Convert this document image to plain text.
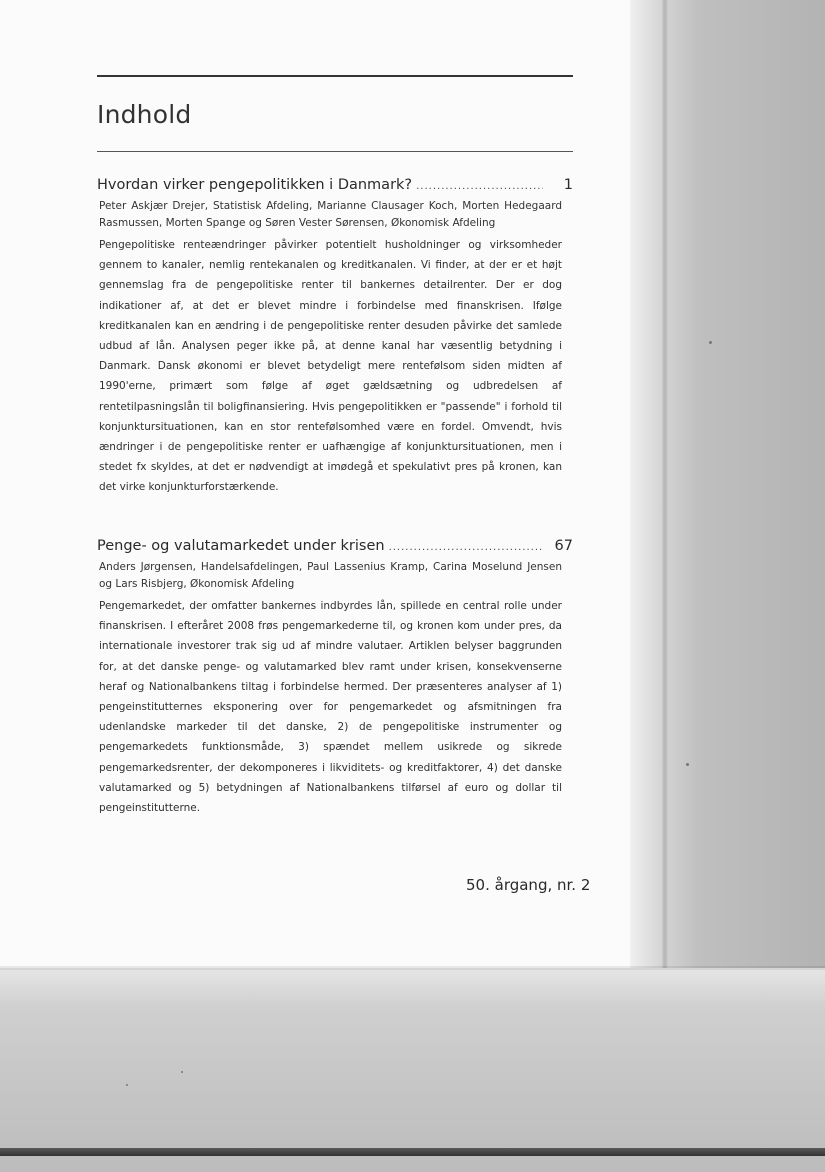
Indhold
Hvordan virker pengepolitikken i Danmark? .....	1
Peter Askjær Drejer, Statistisk Afdeling, Marianne Clausager Koch, Morten Hedegaard Rasmussen, Morten Spange og Søren Vester Sørensen, Økonomisk Afdeling
Pengepolitiske renteændringer påvirker potentielt husholdninger og virksomheder gennem to kanaler, nemlig rentekanalen og kreditkanalen. Vi finder, at der er et højt gennemslag fra de pengepolitiske renter til bankernes detailrenter. Der er dog indikationer af, at det er blevet mindre i forbindelse med finanskrisen. Ifølge kreditkanalen kan en ændring i de pengepolitiske renter desuden påvirke det samlede udbud af lån. Analysen peger ikke på, at denne kanal har væsentlig betydning i Danmark. Dansk økonomi er blevet betydeligt mere rentefølsom siden midten af 1990'erne, primært som følge af øget gældsætning og udbredelsen af rentetilpasningslån til boligfinansiering. Hvis pengepolitikken er "passende" i forhold til konjunktursituationen, kan en stor rentefølsomhed være en fordel. Omvendt, hvis ændringer i de pengepolitiske renter er uafhængige af konjunktursituationen, men i stedet fx skyldes, at det er nødvendigt at imødegå et spekulativt pres på kronen, kan det virke konjunkturforstærkende.
Penge- og valutamarkedet under krisen .....	67
Anders Jørgensen, Handelsafdelingen, Paul Lassenius Kramp, Carina Moselund Jensen og Lars Risbjerg, Økonomisk Afdeling
Pengemarkedet, der omfatter bankernes indbyrdes lån, spillede en central rolle under finanskrisen. I efteråret 2008 frøs pengemarkederne til, og kronen kom under pres, da internationale investorer trak sig ud af mindre valutaer. Artiklen belyser baggrunden for, at det danske penge- og valutamarked blev ramt under krisen, konsekvenserne heraf og Nationalbankens tiltag i forbindelse hermed. Der præsenteres analyser af 1) pengeinstitutternes eksponering over for pengemarkedet og afsmitningen fra udenlandske markeder til det danske, 2) de pengepolitiske instrumenter og pengemarkedets funktionsmåde, 3) spændet mellem usikrede og sikrede pengemarkedsrenter, der dekomponeres i likviditets- og kreditfaktorer, 4) det danske valutamarked og 5) betydningen af Nationalbankens tilførsel af euro og dollar til pengeinstitutterne.
50. årgang, nr. 2
